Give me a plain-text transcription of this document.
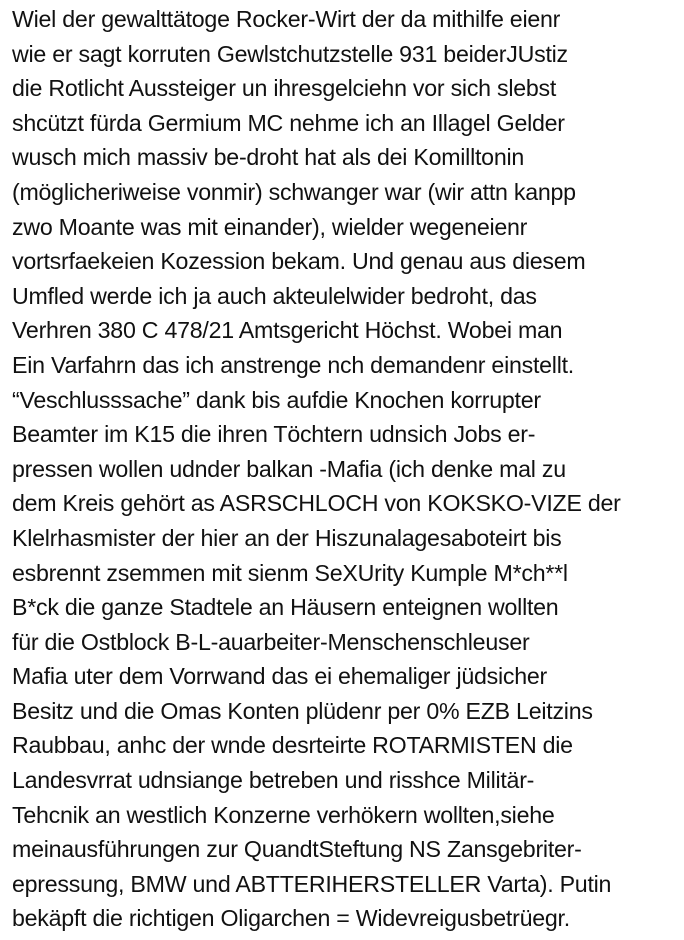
Wiel der gewalttätoge Rocker-Wirt der da mithilfe eienr
wie er sagt korruten Gewlstchutzstelle 931 beiderJUstiz
die Rotlicht Aussteiger un ihresgelciehn vor sich slebst
shcützt fürda Germium MC nehme ich an Illagel Gelder
wusch mich massiv be-droht hat als dei Komilltonin
(möglicheriweise vonmir) schwanger war (wir attn kanpp
zwo Moante was mit einander), wielder wegeneienr
vortsrfaekeien Kozession bekam. Und genau aus diesem
Umfled werde ich ja auch akteulelwider bedroht, das
Verhren 380 C 478/21 Amtsgericht Höchst. Wobei man
Ein Varfahrn das ich anstrenge nch demandenr einstellt.
“Veschlusssache” dank bis aufdie Knochen korrupter
Beamter im K15 die ihren Töchtern udnsich Jobs er-
pressen wollen udnder balkan -Mafia (ich denke mal zu
dem Kreis gehört as ASRSCHLOCH von KOKSKO-VIZE der
Klelrhasmister der hier an der Hiszunalagesaboteirt bis
esbrennt zsemmen mit sienm SeXUrity Kumple M*ch**l
B*ck die ganze Stadtele an Häusern enteignen wollten
für die Ostblock B-L-auarbeiter-Menschenschleuser
Mafia uter dem Vorrwand das ei ehemaliger jüdsicher
Besitz und die Omas Konten plüdenr per 0% EZB Leitzins
Raubbau, anhc der wnde desrteirte ROTARMISTEN die
Landesvrrat udnsiange betreben und risshce Militär-
Tehcnik an westlich Konzerne verhökern wollten,siehe
meinausführungen zur QuandtSteftung NS Zansgebriter-
epressung, BMW und ABTTERIHERSTELLER Varta). Putin
bekäpft die richtigen Oligarchen = Widevreigusbetrüegr.
